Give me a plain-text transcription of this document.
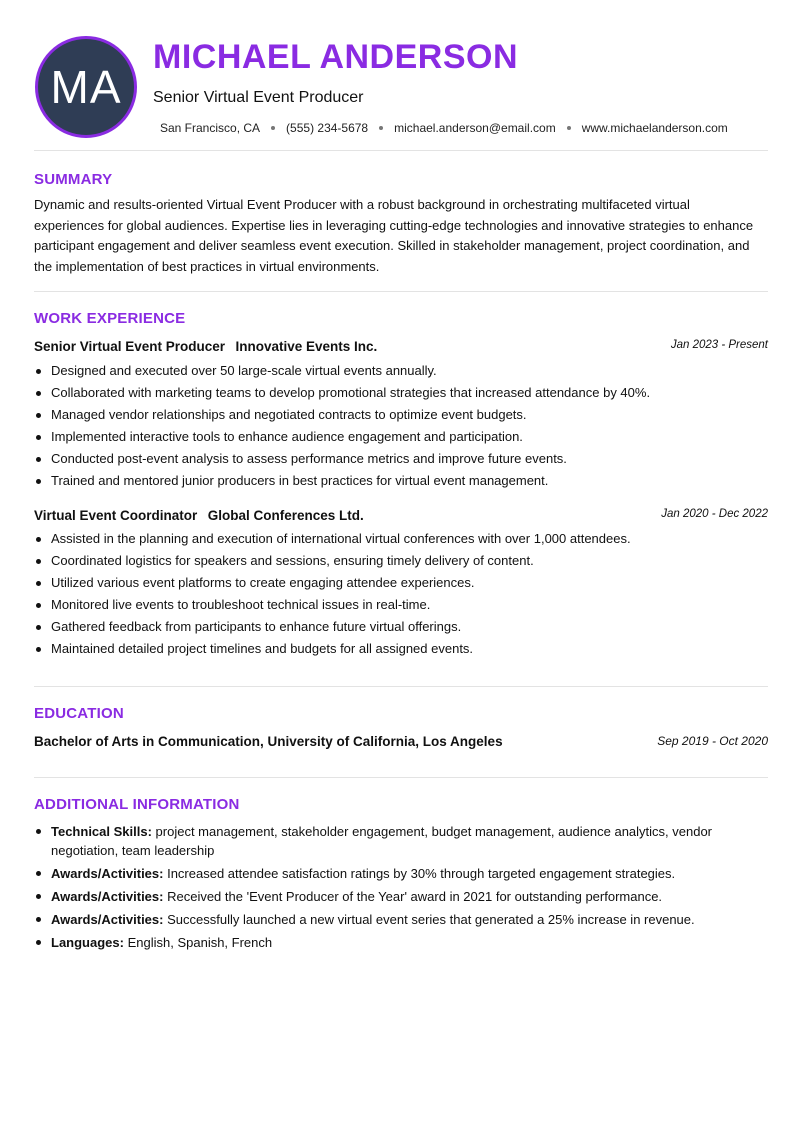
MA
MICHAEL ANDERSON
Senior Virtual Event Producer
San Francisco, CA (555) 234-5678 michael.anderson@email.com www.michaelanderson.com
SUMMARY

Dynamic and results-oriented Virtual Event Producer with a robust background in orchestrating multifaceted virtual experiences for global audiences. Expertise lies in leveraging cutting-edge technologies and innovative strategies to enhance participant engagement and deliver seamless event execution. Skilled in stakeholder management, project coordination, and the implementation of best practices in virtual environments.

WORK EXPERIENCE
Senior Virtual Event Producer Innovative Events Inc.	Jan 2023 - Present
Designed and executed over 50 large-scale virtual events annually.
Collaborated with marketing teams to develop promotional strategies that increased attendance by 40%.
Managed vendor relationships and negotiated contracts to optimize event budgets.
Implemented interactive tools to enhance audience engagement and participation.
Conducted post-event analysis to assess performance metrics and improve future events.
Trained and mentored junior producers in best practices for virtual event management.
Virtual Event Coordinator Global Conferences Ltd.	Jan 2020 - Dec 2022
Assisted in the planning and execution of international virtual conferences with over 1,000 attendees.
Coordinated logistics for speakers and sessions, ensuring timely delivery of content.
Utilized various event platforms to create engaging attendee experiences.
Monitored live events to troubleshoot technical issues in real-time.
Gathered feedback from participants to enhance future virtual offerings.
Maintained detailed project timelines and budgets for all assigned events.
EDUCATION
Bachelor of Arts in Communication, University of California, Los Angeles	Sep 2019 - Oct 2020
ADDITIONAL INFORMATION
Technical Skills: project management, stakeholder engagement, budget management, audience analytics, vendor negotiation, team leadership
Awards/Activities: Increased attendee satisfaction ratings by 30% through targeted engagement strategies.
Awards/Activities: Received the 'Event Producer of the Year' award in 2021 for outstanding performance.
Awards/Activities: Successfully launched a new virtual event series that generated a 25% increase in revenue.
Languages: English, Spanish, French
